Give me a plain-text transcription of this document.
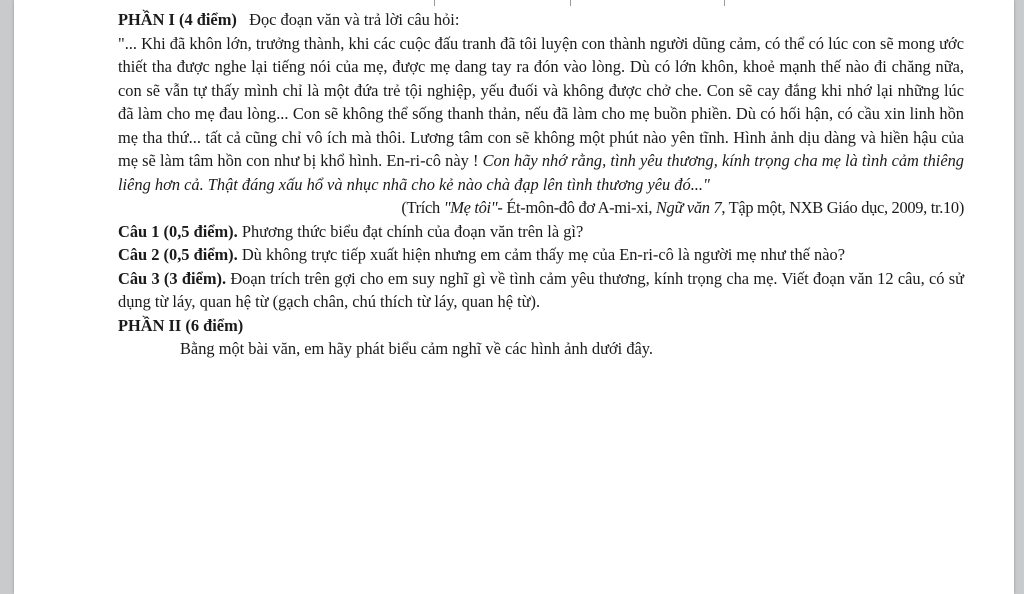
PHẦN I (4 điểm) Đọc đoạn văn và trả lời câu hỏi:

"... Khi đã khôn lớn, trưởng thành, khi các cuộc đấu tranh đã tôi luyện con thành người dũng cảm, có thể có lúc con sẽ mong ước thiết tha được nghe lại tiếng nói của mẹ, được mẹ dang tay ra đón vào lòng. Dù có lớn khôn, khoẻ mạnh thế nào đi chăng nữa, con sẽ vẫn tự thấy mình chỉ là một đứa trẻ tội nghiệp, yếu đuối và không được chở che. Con sẽ cay đắng khi nhớ lại những lúc đã làm cho mẹ đau lòng... Con sẽ không thể sống thanh thản, nếu đã làm cho mẹ buồn phiền. Dù có hối hận, có cầu xin linh hồn mẹ tha thứ... tất cả cũng chỉ vô ích mà thôi. Lương tâm con sẽ không một phút nào yên tĩnh. Hình ảnh dịu dàng và hiền hậu của mẹ sẽ làm tâm hồn con như bị khổ hình. En-ri-cô này ! Con hãy nhớ rằng, tình yêu thương, kính trọng cha mẹ là tình cảm thiêng liêng hơn cả. Thật đáng xấu hổ và nhục nhã cho kẻ nào chà đạp lên tình thương yêu đó..."

(Trích "Mẹ tôi"- Ét-môn-đô đơ A-mi-xi, Ngữ văn 7, Tập một, NXB Giáo dục, 2009, tr.10)

Câu 1 (0,5 điểm). Phương thức biểu đạt chính của đoạn văn trên là gì?

Câu 2 (0,5 điểm). Dù không trực tiếp xuất hiện nhưng em cảm thấy mẹ của En-ri-cô là người mẹ như thế nào?

Câu 3 (3 điểm). Đoạn trích trên gợi cho em suy nghĩ gì về tình cảm yêu thương, kính trọng cha mẹ. Viết đoạn văn 12 câu, có sử dụng từ láy, quan hệ từ (gạch chân, chú thích từ láy, quan hệ từ).

PHẦN II (6 điểm)

Bằng một bài văn, em hãy phát biểu cảm nghĩ về các hình ảnh dưới đây.
